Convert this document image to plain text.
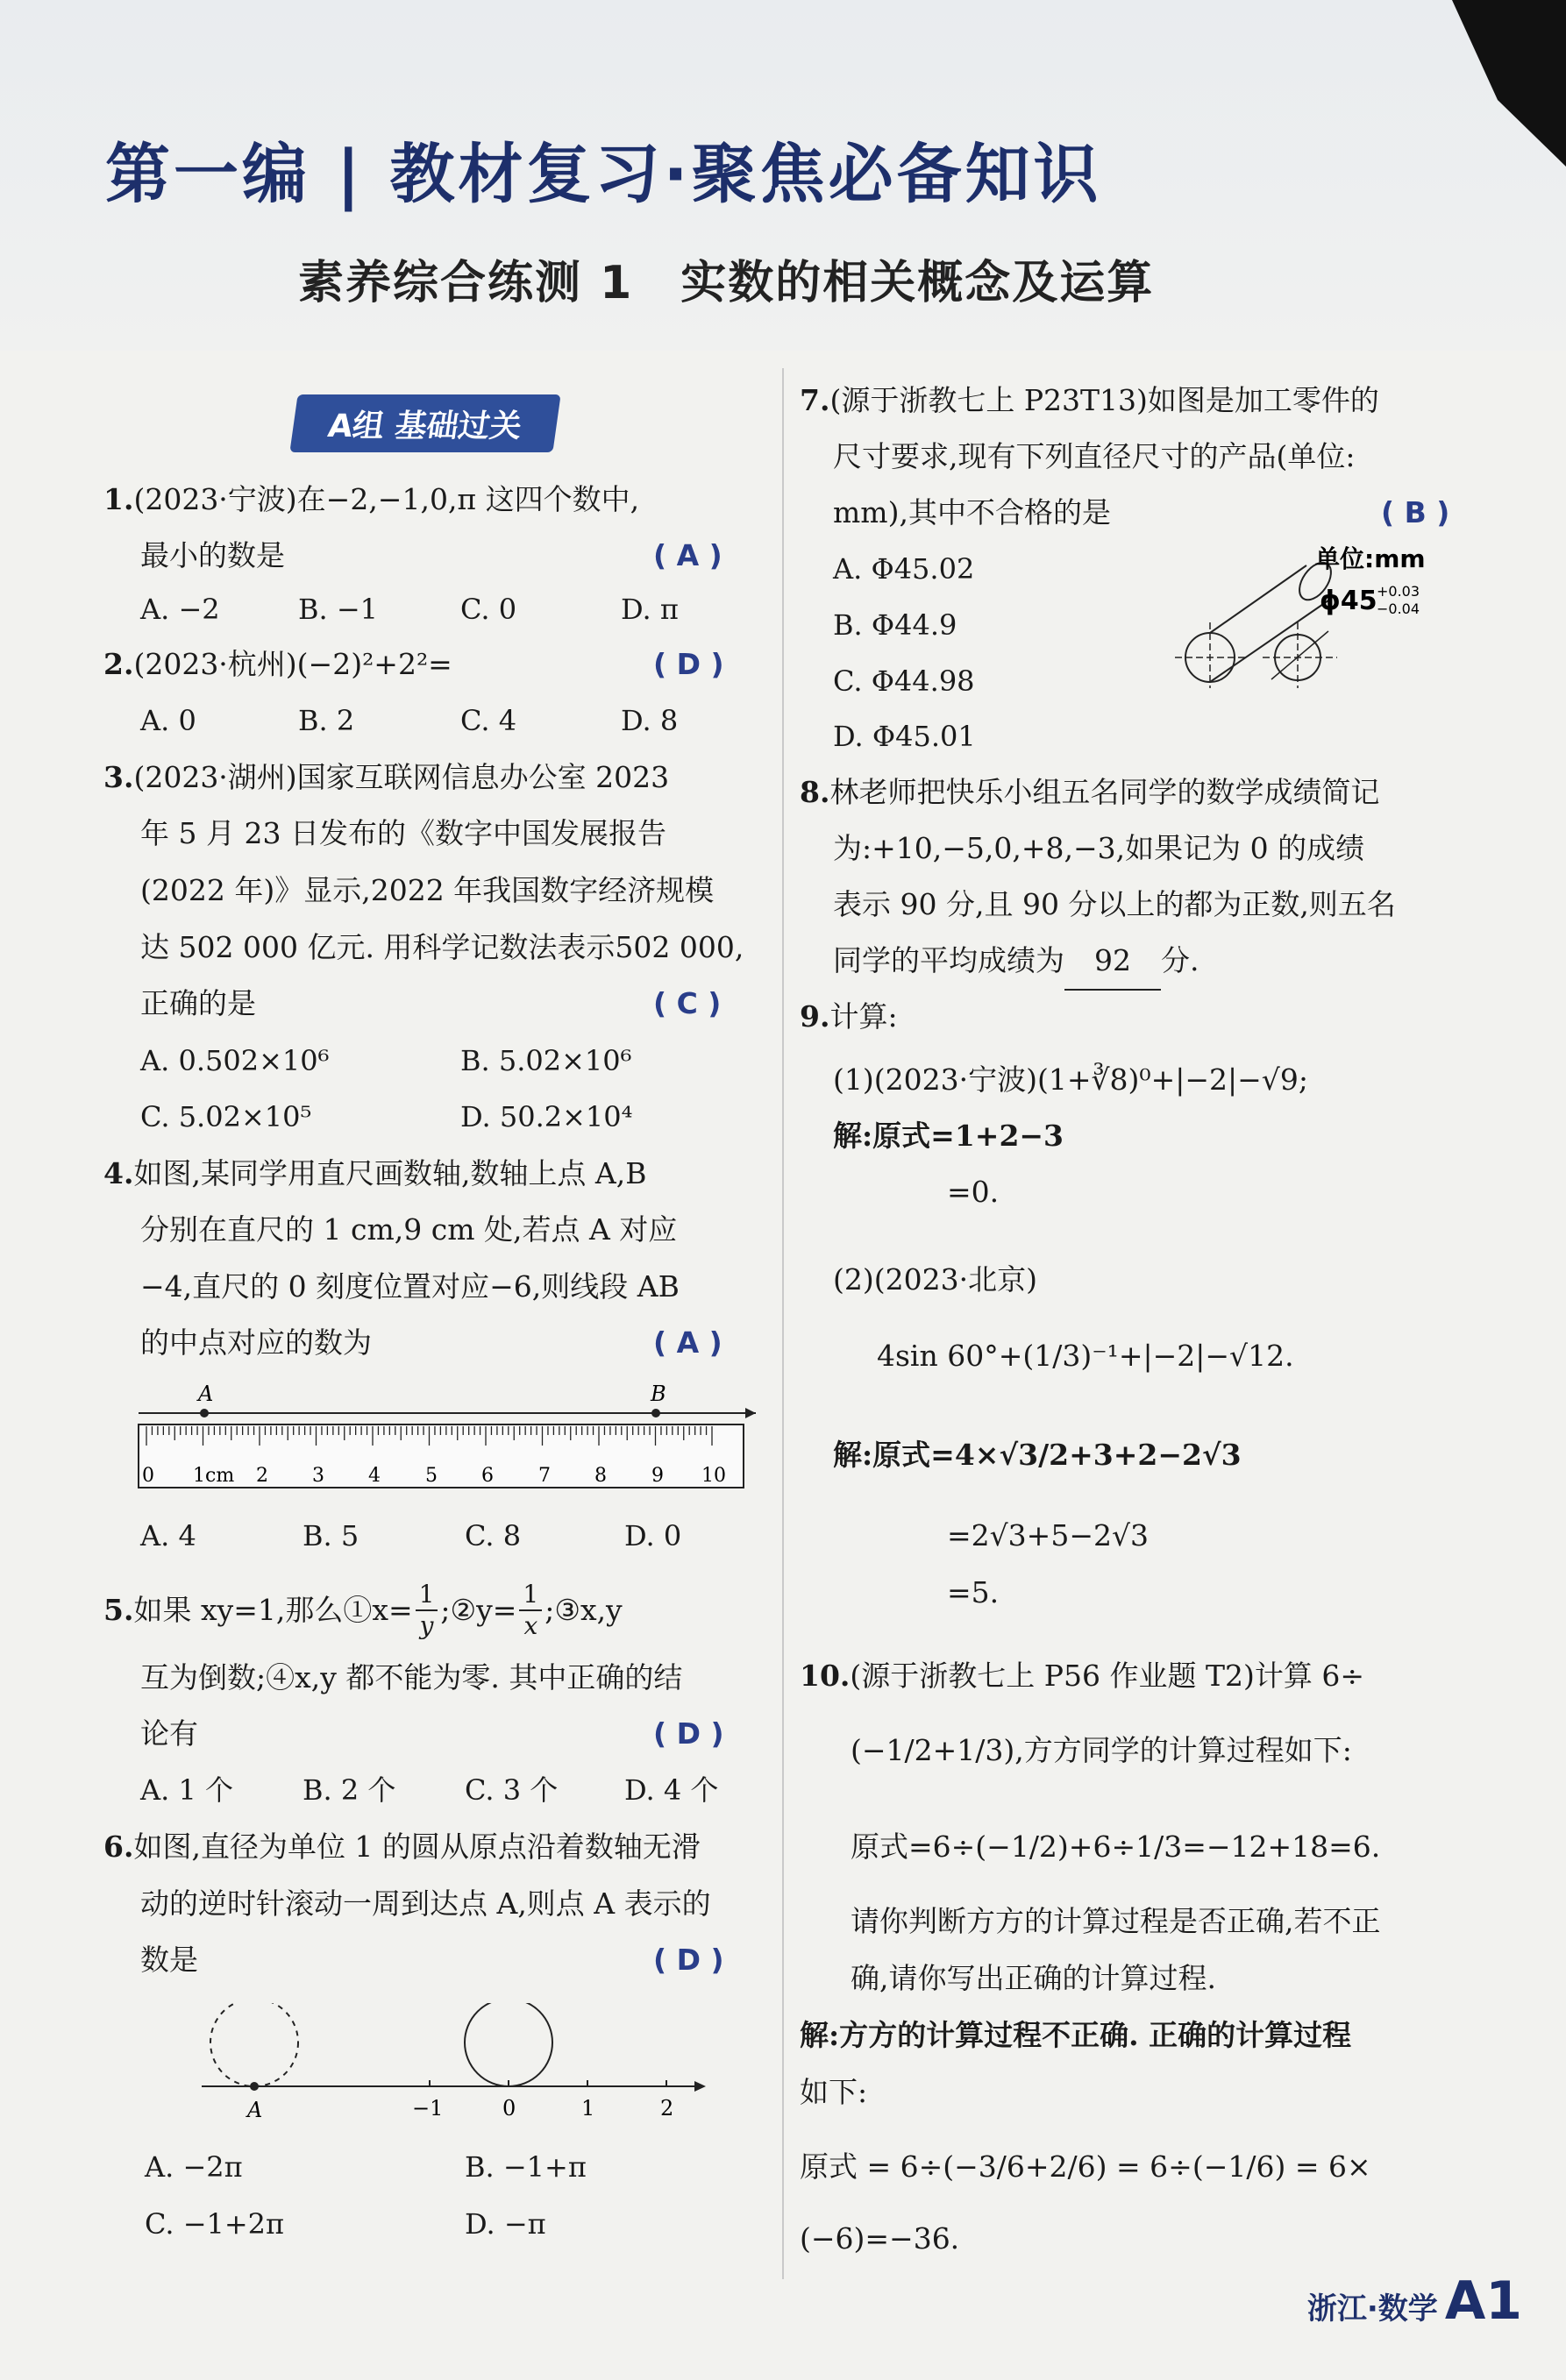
第一编 | 教材复习·聚焦必备知识
素养综合练测 1　实数的相关概念及运算
A组 基础过关
1.(2023·宁波)在−2,−1,0,π 这四个数中,
最小的数是	( A )
A. −2	B. −1	C. 0	D. π
2.(2023·杭州)(−2)²+2²=	( D )
A. 0	B. 2	C. 4	D. 8
3.(2023·湖州)国家互联网信息办公室 2023
年 5 月 23 日发布的《数字中国发展报告
(2022 年)》显示,2022 年我国数字经济规模
达 502 000 亿元. 用科学记数法表示502 000,
正确的是	( C )
A. 0.502×10⁶	B. 5.02×10⁶
C. 5.02×10⁵	D. 50.2×10⁴
4.如图,某同学用直尺画数轴,数轴上点 A,B
分别在直尺的 1 cm,9 cm 处,若点 A 对应
−4,直尺的 0 刻度位置对应−6,则线段 AB
的中点对应的数为	( A )
A	B
0 1cm 2 3 4 5 6 7 8 9 10
A. 4	B. 5	C. 8	D. 0
5. 如果 xy=1,那么①x= $\frac{1}{y}$ ;②y= $\frac{1}{x}$ ;③x,y
互为倒数;④x,y 都不能为零. 其中正确的结
论有	( D )
A. 1 个 B. 2 个 C. 3 个 D. 4 个
6.如图,直径为单位 1 的圆从原点沿着数轴无滑
动的逆时针滚动一周到达点 A,则点 A 表示的
数是	( D )
A	−1	0	1	2
A. −2π	B. −1+π
C. −1+2π	D. −π
7.(源于浙教七上 P23T13)如图是加工零件的
尺寸要求,现有下列直径尺寸的产品(单位:
mm),其中不合格的是	( B )
A. Φ45.02
B. Φ44.9
C. Φ44.98
D. Φ45.01
单位:mm
ϕ45 +0.03
−0.04
8.林老师把快乐小组五名同学的数学成绩简记
为:+10,−5,0,+8,−3,如果记为 0 的成绩
表示 90 分,且 90 分以上的都为正数,则五名
同学的平均成绩为 92 分.
9.计算:
(1)(2023·宁波)(1+∛8)⁰+|−2|−√9;
解:原式=1+2−3
=0.
(2)(2023·北京)
4sin 60°+(1/3)⁻¹+|−2|−√12.
解:原式=4×√3/2+3+2−2√3
=2√3+5−2√3
=5.
10.(源于浙教七上 P56 作业题 T2)计算 6÷
(−1/2+1/3),方方同学的计算过程如下:
原式=6÷(−1/2)+6÷1/3=−12+18=6.
请你判断方方的计算过程是否正确,若不正
确,请你写出正确的计算过程.
解:方方的计算过程不正确. 正确的计算过程
如下:
原式 = 6÷(−3/6+2/6) = 6÷(−1/6) = 6×
(−6)=−36.
浙江·数学 A1
